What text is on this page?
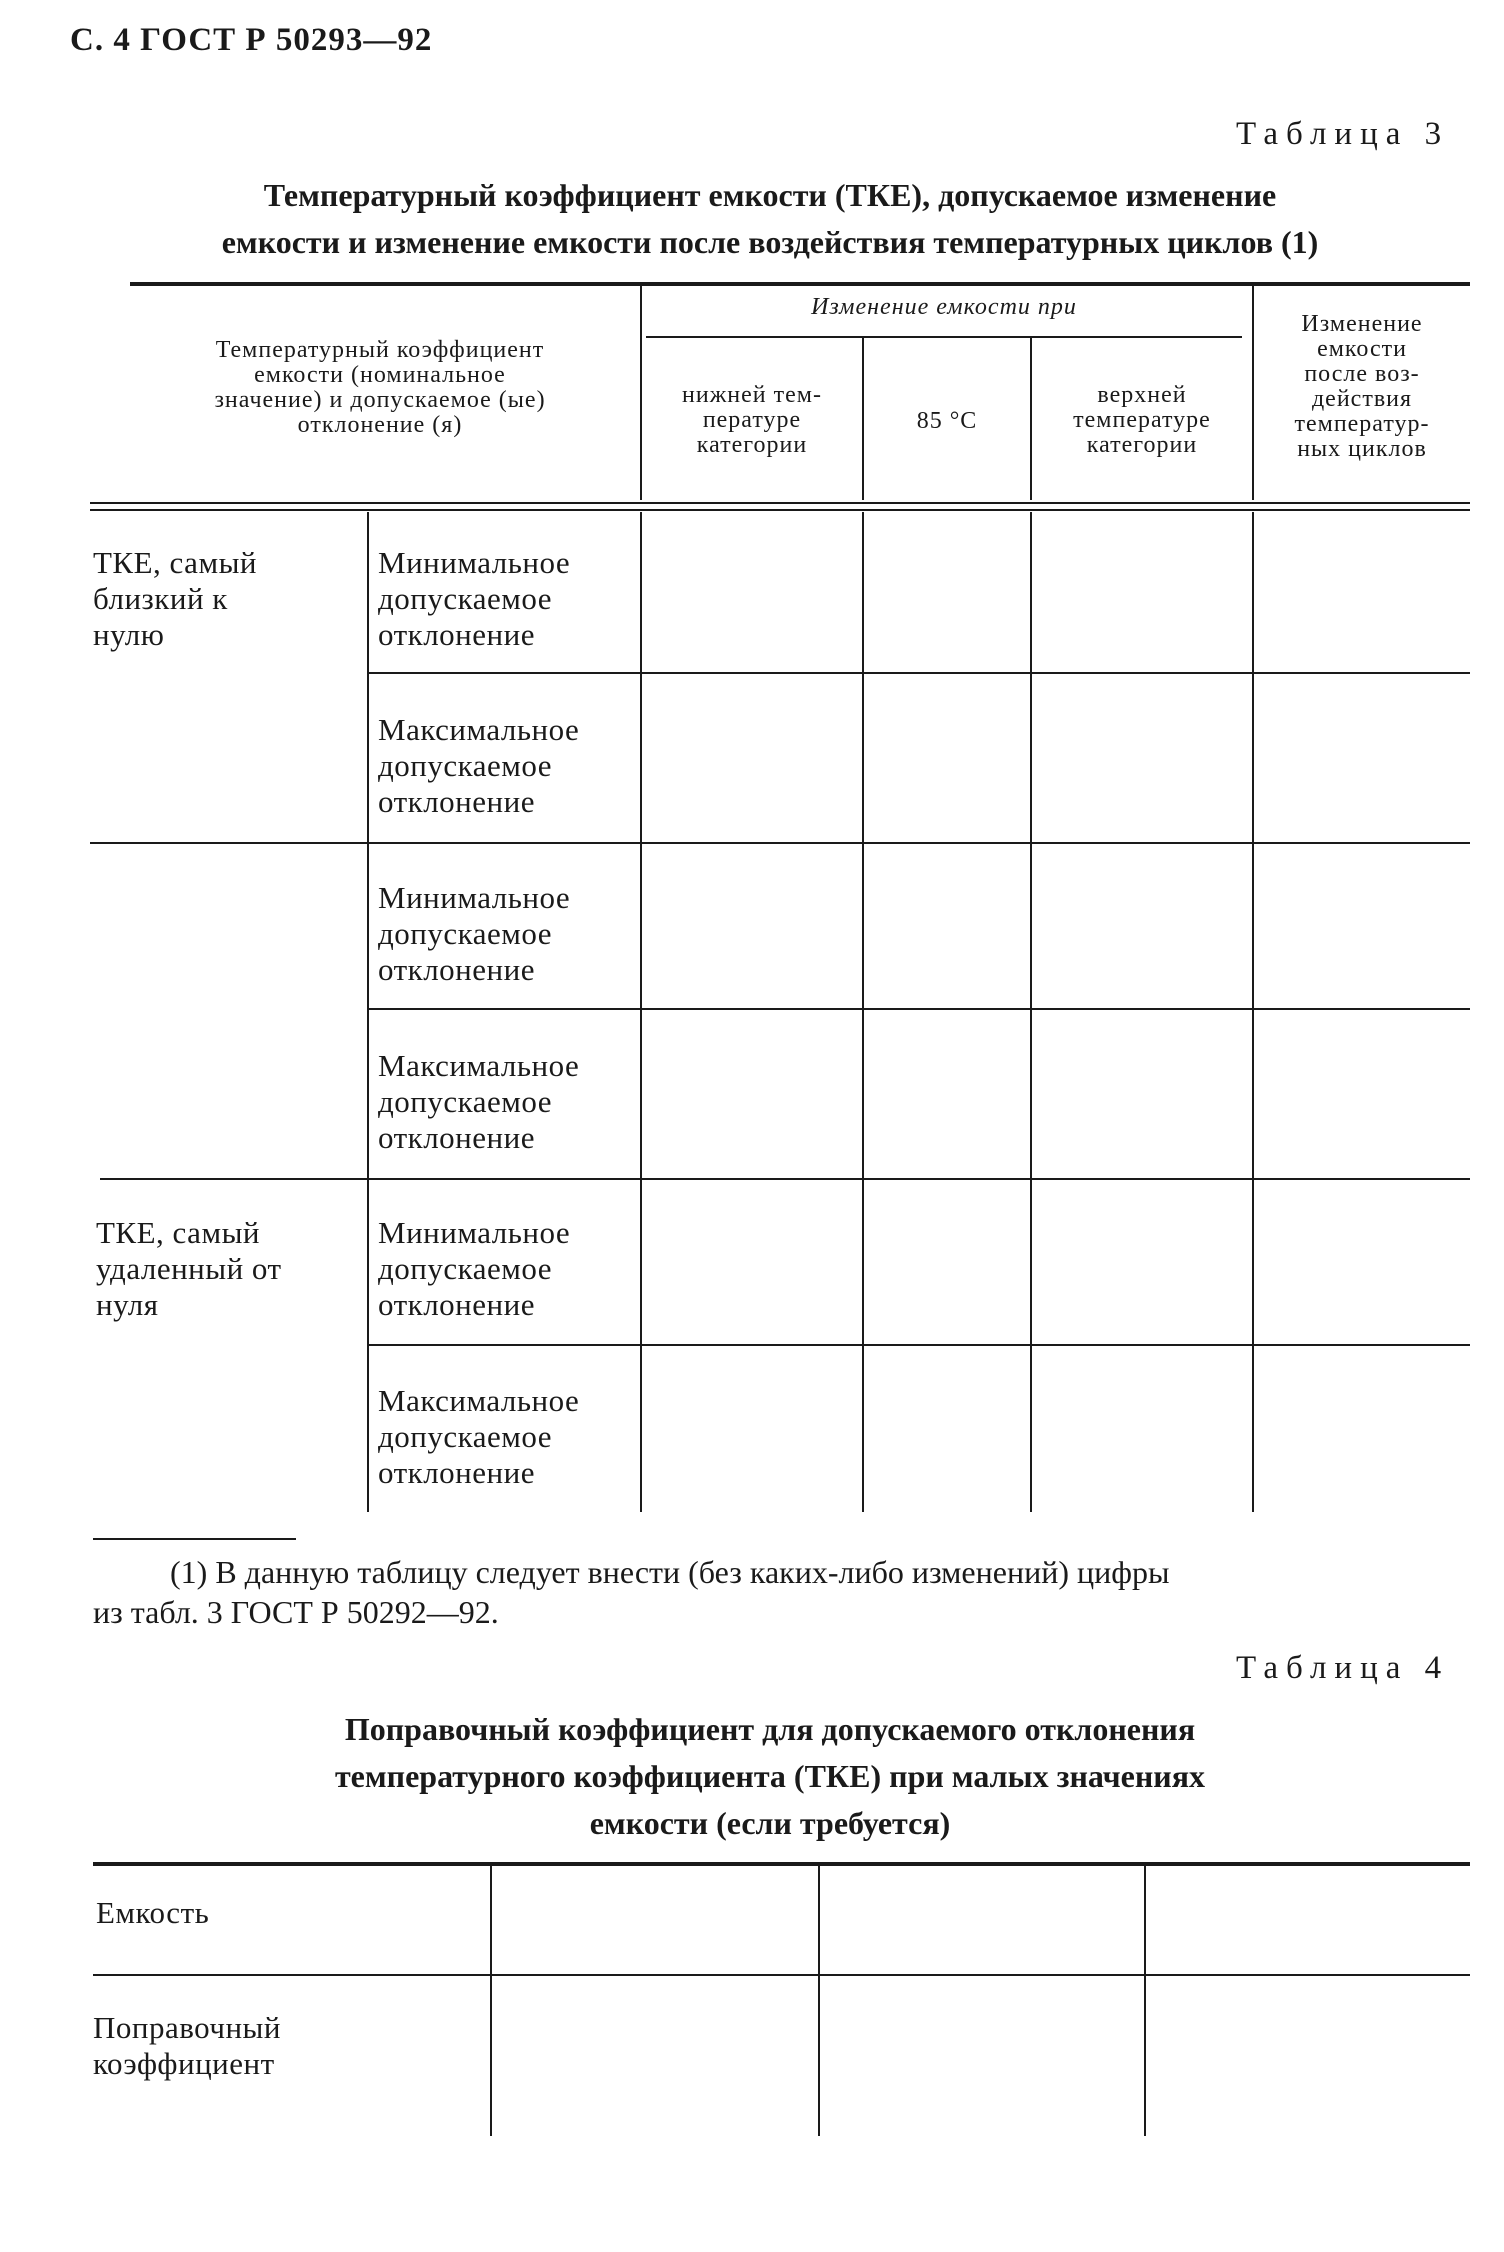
С. 4 ГОСТ Р 50293—92
Таблица 3
Температурный коэффициент емкости (ТКЕ), допускаемое изменение
емкости и изменение емкости после воздействия температурных циклов (1)
Температурный коэффициент
емкости (номинальное
значение) и допускаемое (ые)
отклонение (я)
Изменение емкости при
нижней тем-
пературе
категории
85 °С
верхней
температуре
категории
Изменение
емкости
после воз-
действия
температур-
ных циклов
ТКЕ, самый
близкий к
нулю
ТКЕ, самый
удаленный от
нуля
Минимальное
допускаемое
отклонение
Максимальное
допускаемое
отклонение
Минимальное
допускаемое
отклонение
Максимальное
допускаемое
отклонение
Минимальное
допускаемое
отклонение
Максимальное
допускаемое
отклонение
(1) В данную таблицу следует внести (без каких-либо изменений) цифры
из табл. 3 ГОСТ Р 50292—92.
Таблица 4
Поправочный коэффициент для допускаемого отклонения
температурного коэффициента (ТКЕ) при малых значениях
емкости (если требуется)
Емкость
Поправочный
коэффициент
